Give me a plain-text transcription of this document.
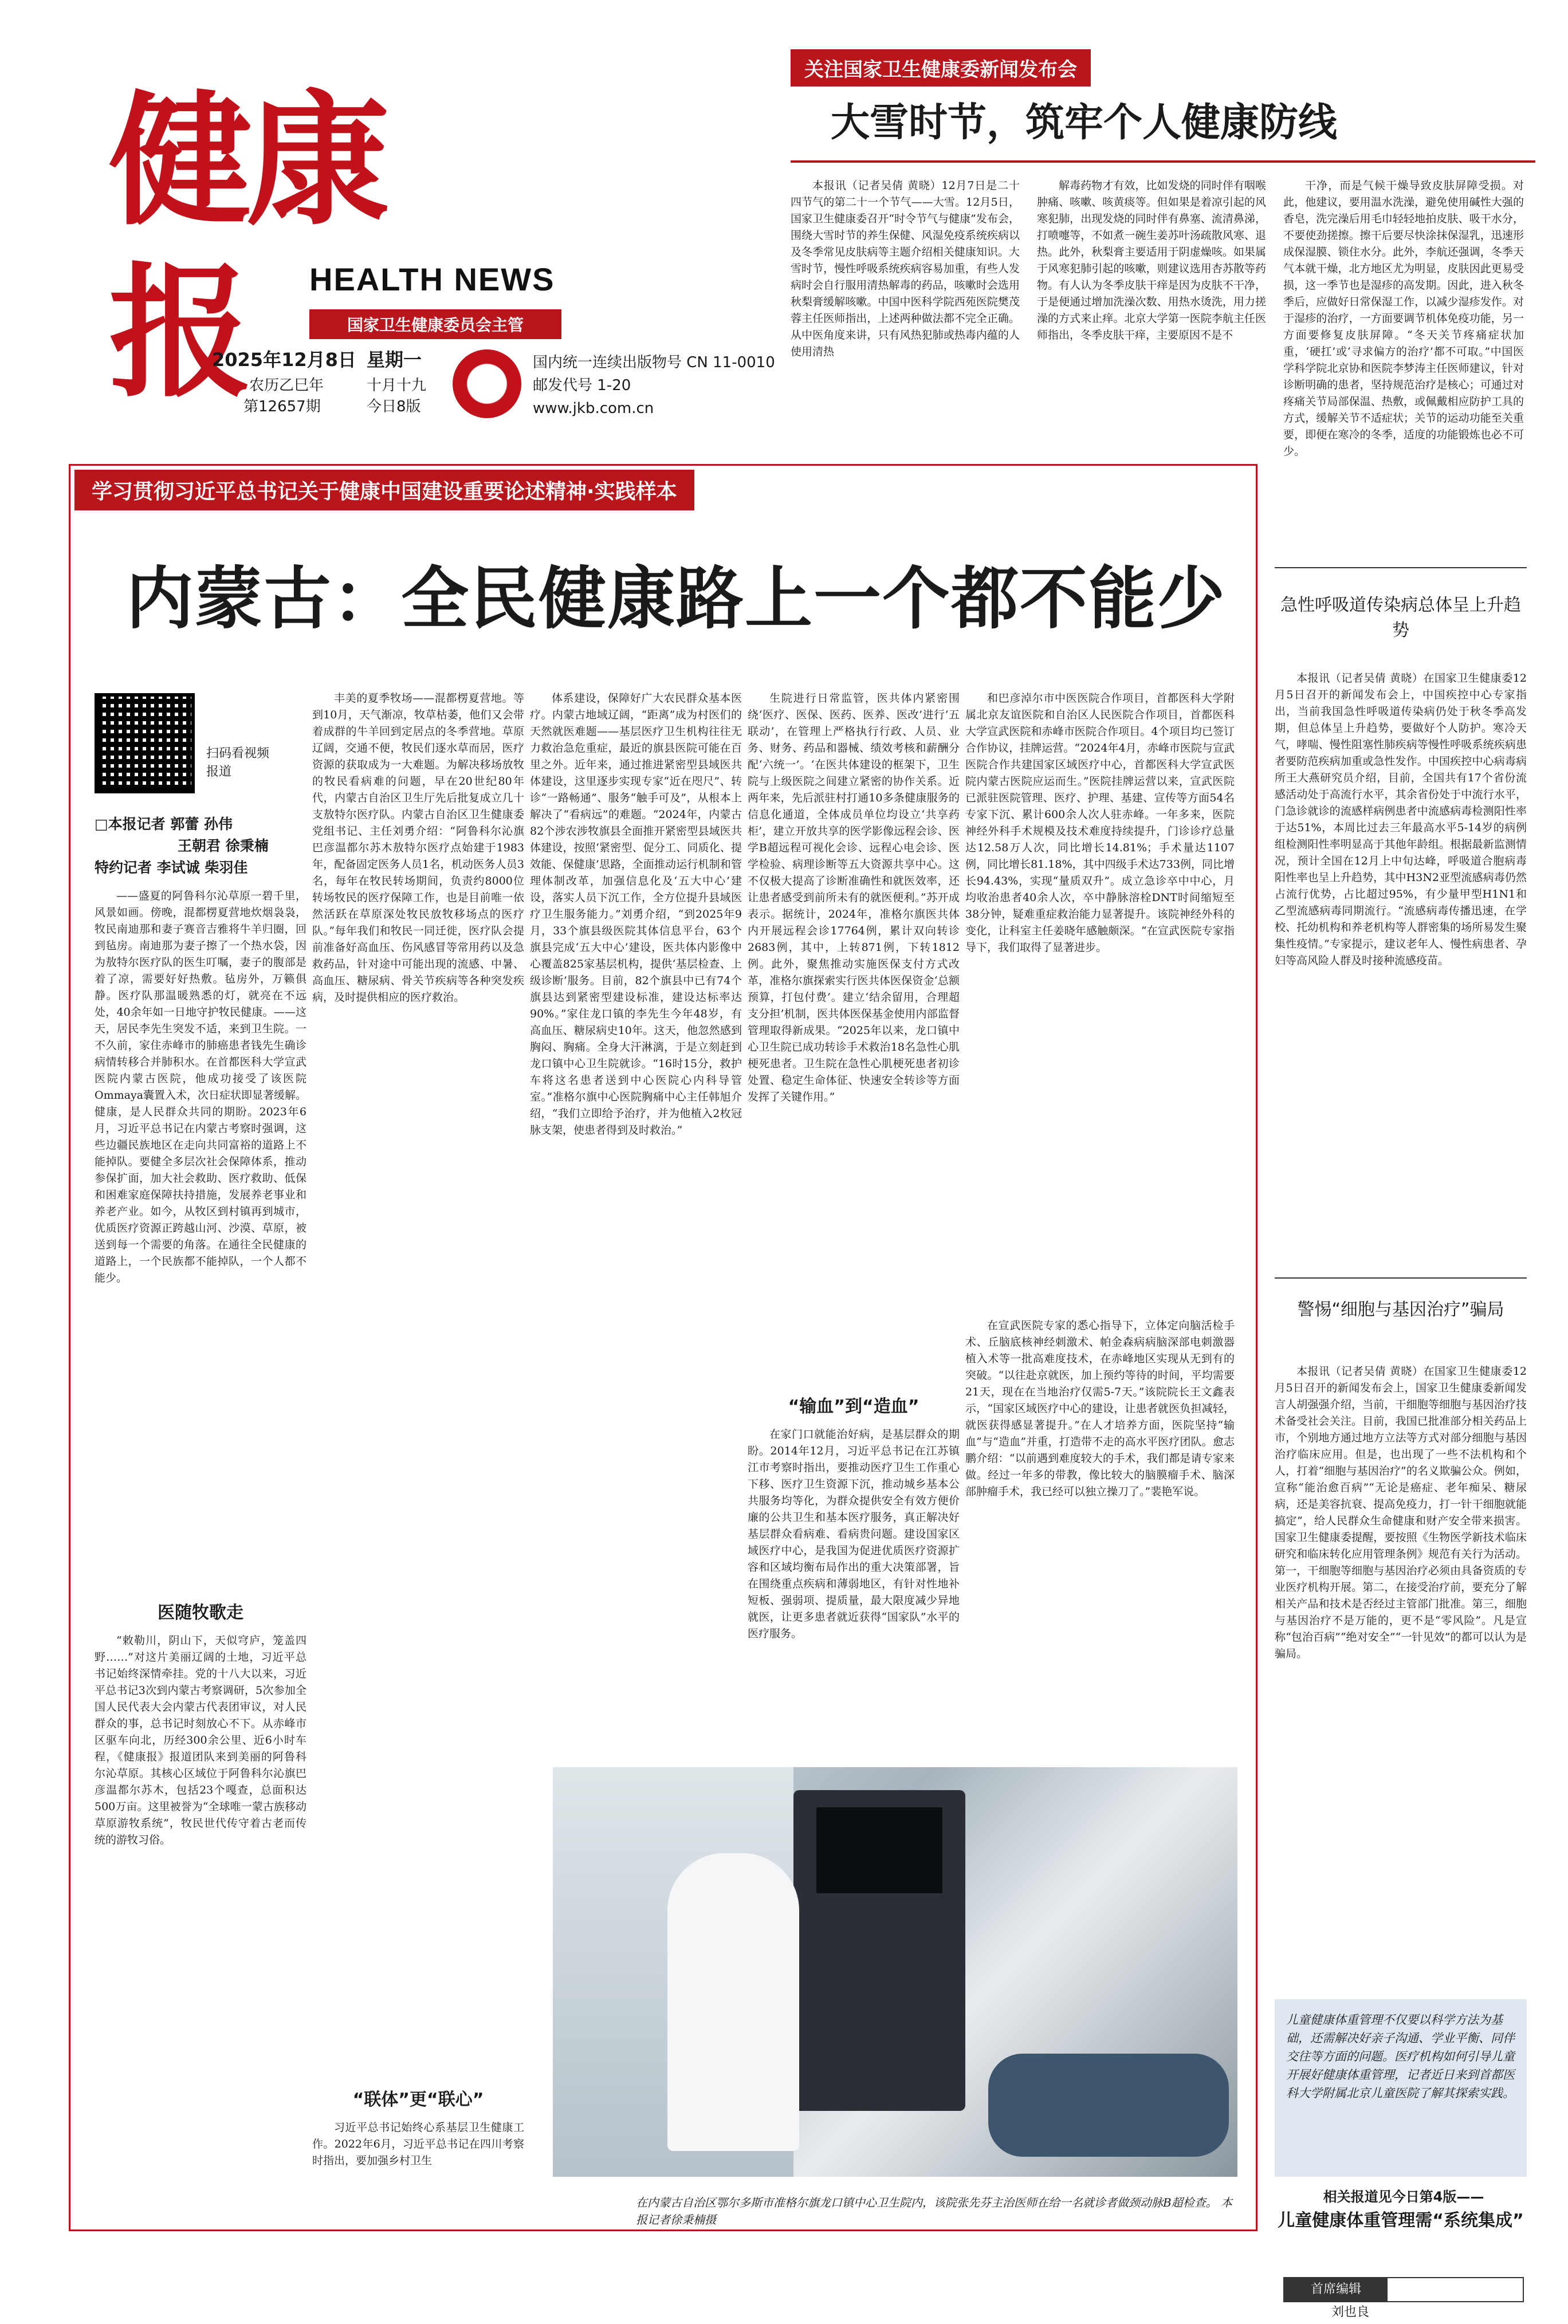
健康报	HEALTH NEWS
国家卫生健康委员会主管
2025年12月8日 星期一
农历乙巳年	十月十九
第12657期	今日8版
国内统一连续出版物号 CN 11-0010
邮发代号 1-20
www.jkb.com.cn
关注国家卫生健康委新闻发布会
大雪时节，筑牢个人健康防线

本报讯（记者吴倩 黄晓）12月7日是二十四节气的第二十一个节气——大雪。12月5日，国家卫生健康委召开“时令节气与健康”发布会，围绕大雪时节的养生保健、风湿免疫系统疾病以及冬季常见皮肤病等主题介绍相关健康知识。大雪时节，慢性呼吸系统疾病容易加重，有些人发病时会自行服用清热解毒的药品，咳嗽时会选用秋梨膏缓解咳嗽。中国中医科学院西苑医院樊茂蓉主任医师指出，上述两种做法都不完全正确。从中医角度来讲，只有风热犯肺或热毒内蕴的人使用清热

解毒药物才有效，比如发烧的同时伴有咽喉肿痛、咳嗽、咳黄痰等。但如果是着凉引起的风寒犯肺，出现发烧的同时伴有鼻塞、流清鼻涕，打喷嚏等，不如煮一碗生姜苏叶汤疏散风寒、退热。此外，秋梨膏主要适用于阴虚燥咳。如果属于风寒犯肺引起的咳嗽，则建议选用杏苏散等药物。有人认为冬季皮肤干痒是因为皮肤不干净，于是便通过增加洗澡次数、用热水烫洗，用力搓澡的方式来止痒。北京大学第一医院李航主任医师指出，冬季皮肤干痒，主要原因不是不

干净，而是气候干燥导致皮肤屏障受损。对此，他建议，要用温水洗澡，避免使用碱性大强的香皂，洗完澡后用毛巾轻轻地拍皮肤、吸干水分，不要使劲搓擦。擦干后要尽快涂抹保湿乳，迅速形成保湿膜、锁住水分。此外，李航还强调，冬季天气本就干燥，北方地区尤为明显，皮肤因此更易受损，这一季节也是湿疹的高发期。因此，进入秋冬季后，应做好日常保湿工作，以减少湿疹发作。对于湿疹的治疗，一方面要调节机体免疫功能，另一方面要修复皮肤屏障。“冬天关节疼痛症状加重，‘硬扛’或‘寻求偏方的治疗’都不可取。”中国医学科学院北京协和医院李梦涛主任医师建议，针对诊断明确的患者，坚持规范治疗是核心；可通过对疼痛关节局部保温、热敷，或佩戴相应防护工具的方式，缓解关节不适症状；关节的运动功能至关重要，即便在寒冷的冬季，适度的功能锻炼也必不可少。

学习贯彻习近平总书记关于健康中国建设重要论述精神·实践样本
内蒙古：全民健康路上一个都不能少
扫码看视频报道
□本报记者 郭蕾 孙伟
王朝君 徐秉楠
特约记者 李试诚 柴羽佳

——盛夏的阿鲁科尔沁草原一碧千里，风景如画。傍晚，混都楞夏营地炊烟袅袅，牧民南迪那和妻子赛音吉雅将牛羊归圈，回到毡房。南迪那为妻子擦了一个热水袋，因为敖特尔医疗队的医生叮嘱，妻子的腹部是着了凉，需要好好热敷。毡房外，万籁俱静。医疗队那温暖熟悉的灯，就亮在不远处，40余年如一日地守护牧民健康。——这天，居民李先生突发不适，来到卫生院。一不久前，家住赤峰市的肺癌患者钱先生确诊病情转移合并肺积水。在首都医科大学宣武医院内蒙古医院，他成功接受了该医院Ommaya囊置入术，次日症状即显著缓解。健康，是人民群众共同的期盼。2023年6月，习近平总书记在内蒙古考察时强调，这些边疆民族地区在走向共同富裕的道路上不能掉队。要健全多层次社会保障体系，推动参保扩面，加大社会救助、医疗救助、低保和困难家庭保障扶持措施，发展养老事业和养老产业。如今，从牧区到村镇再到城市，优质医疗资源正跨越山河、沙漠、草原，被送到每一个需要的角落。在通往全民健康的道路上，一个民族都不能掉队，一个人都不能少。

医随牧歌走

“敕勒川，阴山下，天似穹庐，笼盖四野……”对这片美丽辽阔的土地，习近平总书记始终深情牵挂。党的十八大以来，习近平总书记3次到内蒙古考察调研，5次参加全国人民代表大会内蒙古代表团审议，对人民群众的事，总书记时刻放心不下。从赤峰市区驱车向北，历经300余公里、近6小时车程，《健康报》报道团队来到美丽的阿鲁科尔沁草原。其核心区域位于阿鲁科尔沁旗巴彦温都尔苏木，包括23个嘎查，总面积达500万亩。这里被誉为“全球唯一蒙古族移动草原游牧系统”，牧民世代传守着古老而传统的游牧习俗。

丰美的夏季牧场——混都楞夏营地。等到10月，天气渐凉，牧草枯萎，他们又会带着成群的牛羊回到定居点的冬季营地。草原辽阔，交通不便，牧民们逐水草而居，医疗资源的获取成为一大难题。为解决移场放牧的牧民看病难的问题，早在20世纪80年代，内蒙古自治区卫生厅先后批复成立几十支敖特尔医疗队。内蒙古自治区卫生健康委党组书记、主任刘勇介绍：“阿鲁科尔沁旗巴彦温都尔苏木敖特尔医疗点始建于1983年，配备固定医务人员1名，机动医务人员3名，每年在牧民转场期间，负责约8000位转场牧民的医疗保障工作，也是目前唯一依然活跃在草原深处牧民放牧移场点的医疗队。”每年我们和牧民一同迁徙，医疗队会提前准备好高血压、伤风感冒等常用药以及急救药品，针对途中可能出现的流感、中暑、高血压、糖尿病、骨关节疾病等各种突发疾病，及时提供相应的医疗救治。

“联体”更“联心”

习近平总书记始终心系基层卫生健康工作。2022年6月，习近平总书记在四川考察时指出，要加强乡村卫生

体系建设，保障好广大农民群众基本医疗。内蒙古地域辽阔，“距离”成为村医们的天然就医难题——基层医疗卫生机构往往无力救治急危重症，最近的旗县医院可能在百里之外。近年来，通过推进紧密型县域医共体建设，这里逐步实现专家“近在咫尺”、转诊“一路畅通”、服务“触手可及”，从根本上解决了“看病远”的难题。“2024年，内蒙古82个涉农涉牧旗县全面推开紧密型县域医共体建设，按照‘紧密型、促分工、同质化、提效能、保健康’思路，全面推动运行机制和管理体制改革，加强信息化及‘五大中心’建设，落实人员下沉工作，全方位提升县域医疗卫生服务能力。”刘勇介绍，“到2025年9月，33个旗县级医院其体信息平台，63个旗县完成‘五大中心’建设，医共体内影像中心覆盖825家基层机构，提供‘基层检查、上级诊断’服务。目前，82个旗县中已有74个旗县达到紧密型建设标准，建设达标率达90%。”家住龙口镇的李先生今年48岁，有高血压、糖尿病史10年。这天，他忽然感到胸闷、胸痛。全身大汗淋漓，于是立刻赶到龙口镇中心卫生院就诊。“16时15分，救护车将这名患者送到中心医院心内科导管室。”准格尔旗中心医院胸痛中心主任韩旭介绍，“我们立即给予治疗，并为他植入2枚冠脉支架，使患者得到及时救治。”

生院进行日常监管，医共体内紧密围绕‘医疗、医保、医药、医养、医改’进行‘五联动’，在管理上严格执行行政、人员、业务、财务、药品和器械、绩效考核和薪酬分配‘六统一’。‘在医共体建设的框架下，卫生院与上级医院之间建立紧密的协作关系。近两年来，先后派驻村打通10多条健康服务的信息化通道，全体成员单位均设立‘共享药柜’，建立开放共享的医学影像远程会诊、医学B超远程可视化会诊、远程心电会诊、医学检验、病理诊断等五大资源共享中心。这不仅极大提高了诊断准确性和就医效率，还让患者感受到前所未有的就医便利。”苏开成表示。据统计，2024年，准格尔旗医共体内开展远程会诊17764例，累计双向转诊2683例，其中，上转871例，下转1812例。此外，聚焦推动实施医保支付方式改革，准格尔旗探索实行医共体医保资金‘总额预算，打包付费’。建立‘结余留用，合理超支分担’机制，医共体医保基金使用内部监督管理取得新成果。“2025年以来，龙口镇中心卫生院已成功转诊手术救治18名急性心肌梗死患者。卫生院在急性心肌梗死患者初诊处置、稳定生命体征、快速安全转诊等方面发挥了关键作用。”

“输血”到“造血”

在家门口就能治好病，是基层群众的期盼。2014年12月，习近平总书记在江苏镇江市考察时指出，要推动医疗卫生工作重心下移、医疗卫生资源下沉，推动城乡基本公共服务均等化，为群众提供安全有效方便价廉的公共卫生和基本医疗服务，真正解决好基层群众看病难、看病贵问题。建设国家区域医疗中心，是我国为促进优质医疗资源扩容和区域均衡布局作出的重大决策部署，旨在围绕重点疾病和薄弱地区，有针对性地补短板、强弱项、提质量，最大限度减少异地就医，让更多患者就近获得“国家队”水平的医疗服务。

和巴彦淖尔市中医医院合作项目，首都医科大学附属北京友谊医院和自治区人民医院合作项目，首都医科大学宣武医院和赤峰市医院合作项目。4个项目均已签订合作协议，挂牌运营。“2024年4月，赤峰市医院与宣武医院合作共建国家区域医疗中心，首都医科大学宣武医院内蒙古医院应运而生。”医院挂牌运营以来，宣武医院已派驻医院管理、医疗、护理、基建、宣传等方面54名专家下沉、累计600余人次人驻赤峰。一年多来，医院神经外科手术规模及技术难度持续提升，门诊诊疗总量达12.58万人次，同比增长14.81%；手术量达1107例，同比增长81.18%，其中四级手术达733例，同比增长94.43%，实现“量质双升”。成立急诊卒中中心，月均收治患者40余人次，卒中静脉溶栓DNT时间缩短至38分钟，疑难重症救治能力显著提升。该院神经外科的变化，让科室主任姜晓年感触颇深。“在宣武医院专家指导下，我们取得了显著进步。

在宣武医院专家的悉心指导下，立体定向脑活检手术、丘脑底核神经刺激术、帕金森病病脑深部电刺激器植入术等一批高难度技术，在赤峰地区实现从无到有的突破。“以往赴京就医，加上预约等待的时间，平均需要21天，现在在当地治疗仅需5-7天。”该院院长王文鑫表示，“国家区域医疗中心的建设，让患者就医负担减轻，就医获得感显著提升。”在人才培养方面，医院坚持“输血”与“造血”并重，打造带不走的高水平医疗团队。愈志鹏介绍：“以前遇到难度较大的手术，我们都是请专家来做。经过一年多的带教，像比较大的脑膜瘤手术、脑深部肿瘤手术，我已经可以独立操刀了。”裴艳军说。

在内蒙古自治区鄂尔多斯市准格尔旗龙口镇中心卫生院内，该院张先芬主治医师在给一名就诊者做颈动脉B超检查。 本报记者徐秉楠摄
急性呼吸道传染病总体呈上升趋势

本报讯（记者吴倩 黄晓）在国家卫生健康委12月5日召开的新闻发布会上，中国疾控中心专家指出，当前我国急性呼吸道传染病仍处于秋冬季高发期，但总体呈上升趋势，要做好个人防护。寒冷天气，哮喘、慢性阻塞性肺疾病等慢性呼吸系统疾病患者要防范疾病加重或急性发作。中国疾控中心病毒病所王大燕研究员介绍，目前，全国共有17个省份流感活动处于高流行水平，其余省份处于中流行水平，门急诊就诊的流感样病例患者中流感病毒检测阳性率于达51%，本周比过去三年最高水平5-14岁的病例组检测阳性率明显高于其他年龄组。根据最新监测情况，预计全国在12月上中旬达峰，呼吸道合胞病毒阳性率也呈上升趋势，其中H3N2亚型流感病毒仍然占流行优势，占比超过95%，有少量甲型H1N1和乙型流感病毒同期流行。“流感病毒传播迅速，在学校、托幼机构和养老机构等人群密集的场所易发生聚集性疫情。”专家提示，建议老年人、慢性病患者、孕妇等高风险人群及时接种流感疫苗。

警惕“细胞与基因治疗”骗局

本报讯（记者吴倩 黄晓）在国家卫生健康委12月5日召开的新闻发布会上，国家卫生健康委新闻发言人胡强强介绍，当前，干细胞等细胞与基因治疗技术备受社会关注。目前，我国已批准部分相关药品上市，个别地方通过地方立法等方式对部分细胞与基因治疗临床应用。但是，也出现了一些不法机构和个人，打着“细胞与基因治疗”的名义欺骗公众。例如，宣称“能治愈百病”“无论是癌症、老年痴呆、糖尿病，还是美容抗衰、提高免疫力，打一针干细胞就能搞定”，给人民群众生命健康和财产安全带来损害。国家卫生健康委提醒，要按照《生物医学新技术临床研究和临床转化应用管理条例》规范有关行为活动。第一，干细胞等细胞与基因治疗必须由具备资质的专业医疗机构开展。第二，在接受治疗前，要充分了解相关产品和技术是否经过主管部门批准。第三，细胞与基因治疗不是万能的，更不是“零风险”。凡是宣称“包治百病”“绝对安全”“一针见效”的都可以认为是骗局。

儿童健康体重管理不仅要以科学方法为基础，还需解决好亲子沟通、学业平衡、同伴交往等方面的问题。医疗机构如何引导儿童开展好健康体重管理，记者近日来到首都医科大学附属北京儿童医院了解其探索实践。
相关报道见今日第4版——
儿童健康体重管理需“系统集成”
首席编辑 刘也良
